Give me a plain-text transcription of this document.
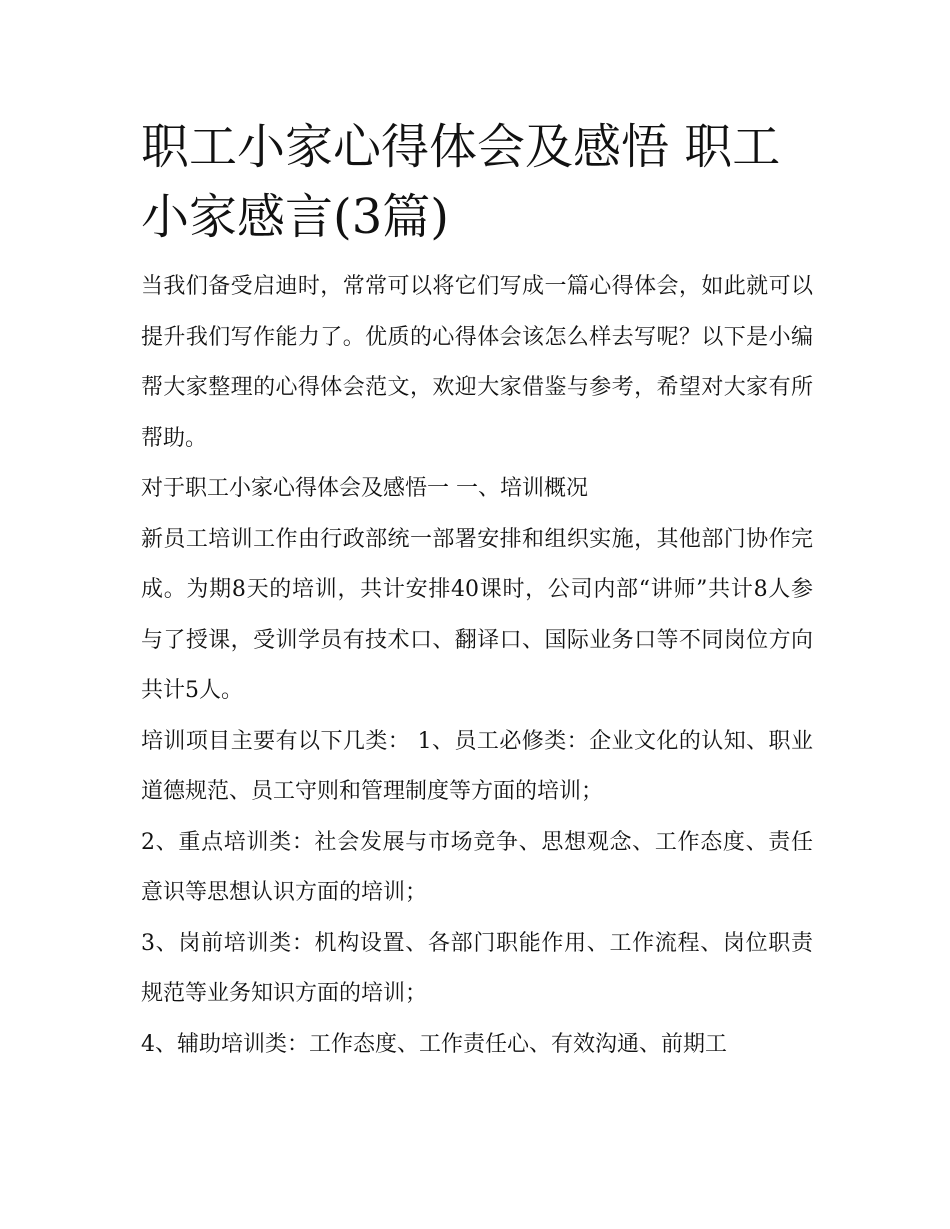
职工小家心得体会及感悟 职工小家感言(3篇)

当我们备受启迪时，常常可以将它们写成一篇心得体会，如此就可以提升我们写作能力了。优质的心得体会该怎么样去写呢？以下是小编帮大家整理的心得体会范文，欢迎大家借鉴与参考，希望对大家有所帮助。

对于职工小家心得体会及感悟一 一、培训概况

新员工培训工作由行政部统一部署安排和组织实施，其他部门协作完成。为期8天的培训，共计安排40课时，公司内部“讲师”共计8人参与了授课，受训学员有技术口、翻译口、国际业务口等不同岗位方向共计5人。

培训项目主要有以下几类： 1、员工必修类：企业文化的认知、职业道德规范、员工守则和管理制度等方面的培训；

2、重点培训类：社会发展与市场竞争、思想观念、工作态度、责任意识等思想认识方面的培训；

3、岗前培训类：机构设置、各部门职能作用、工作流程、岗位职责规范等业务知识方面的培训；

4、辅助培训类：工作态度、工作责任心、有效沟通、前期工
